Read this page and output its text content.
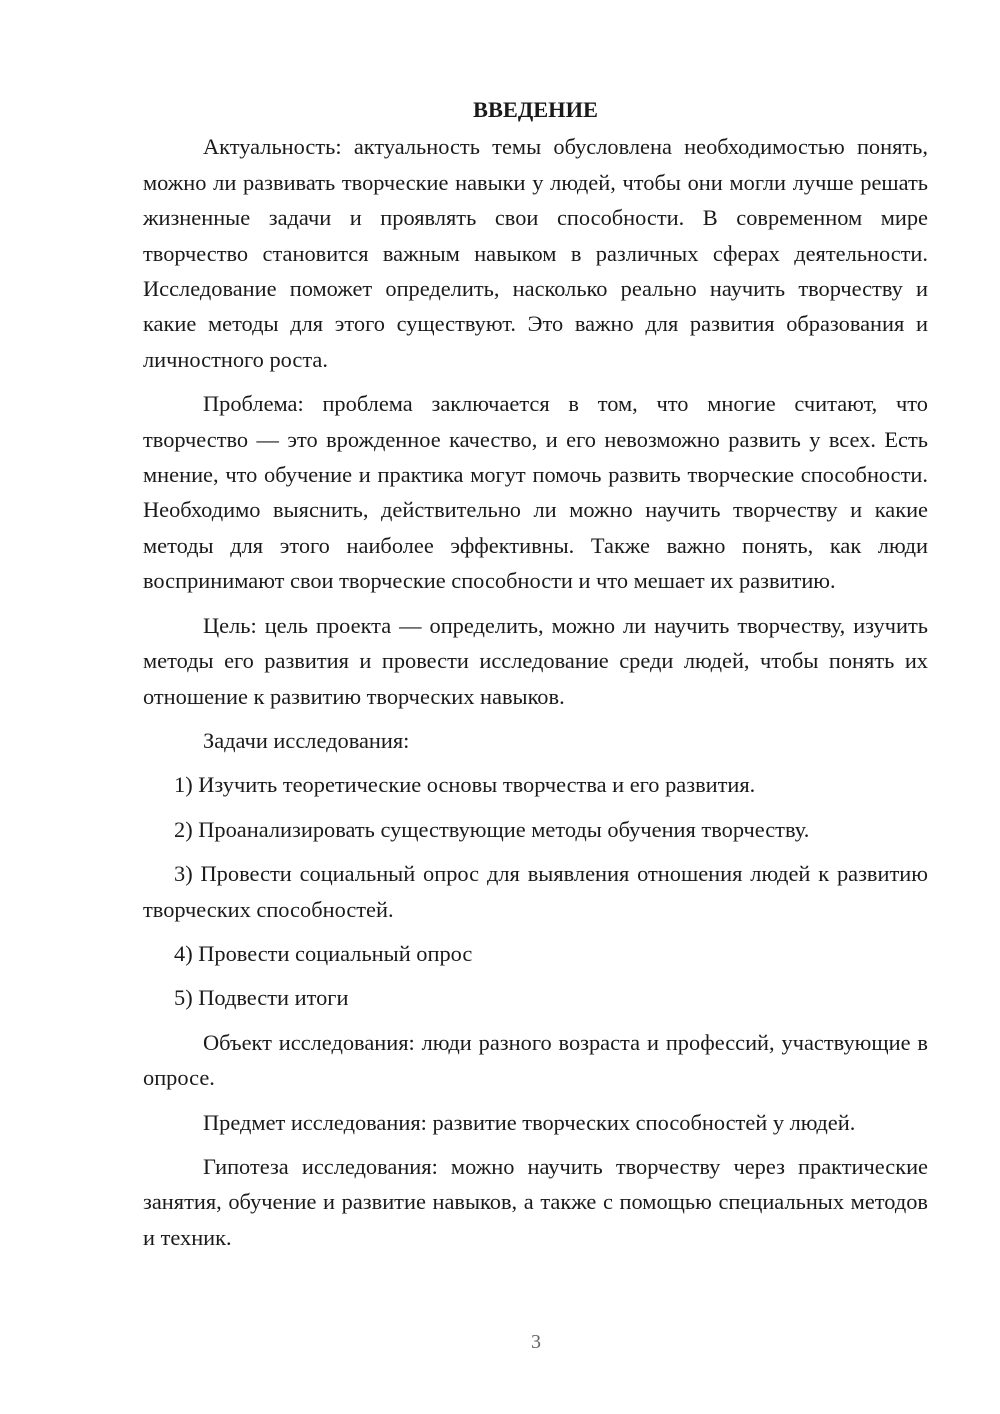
ВВЕДЕНИЕ

Актуальность: актуальность темы обусловлена необходимостью понять, можно ли развивать творческие навыки у людей, чтобы они могли лучше решать жизненные задачи и проявлять свои способности. В современном мире творчество становится важным навыком в различных сферах деятельности. Исследование поможет определить, насколько реально научить творчеству и какие методы для этого существуют. Это важно для развития образования и личностного роста.

Проблема: проблема заключается в том, что многие считают, что творчество — это врожденное качество, и его невозможно развить у всех. Есть мнение, что обучение и практика могут помочь развить творческие способности. Необходимо выяснить, действительно ли можно научить творчеству и какие методы для этого наиболее эффективны. Также важно понять, как люди воспринимают свои творческие способности и что мешает их развитию.

Цель: цель проекта — определить, можно ли научить творчеству, изучить методы его развития и провести исследование среди людей, чтобы понять их отношение к развитию творческих навыков.

Задачи исследования:

1) Изучить теоретические основы творчества и его развития.

2) Проанализировать существующие методы обучения творчеству.

3) Провести социальный опрос для выявления отношения людей к развитию творческих способностей.

4) Провести социальный опрос

5) Подвести итоги

Объект исследования: люди разного возраста и профессий, участвующие в опросе.

Предмет исследования: развитие творческих способностей у людей.

Гипотеза исследования: можно научить творчеству через практические занятия, обучение и развитие навыков, а также с помощью специальных методов и техник.

3
